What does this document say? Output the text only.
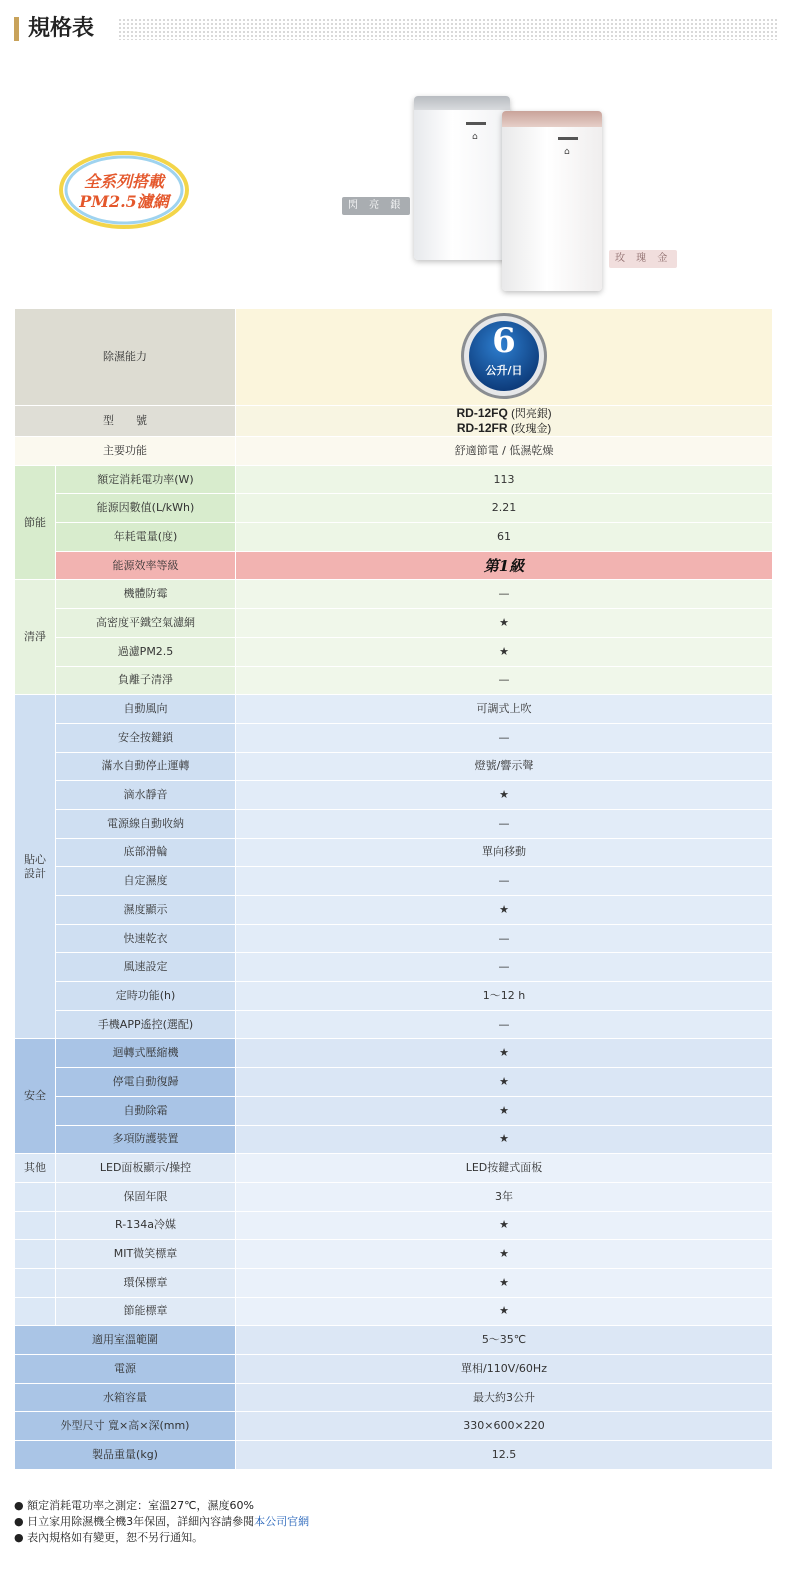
規格表
全系列搭載
PM2.5濾網
⌂
⌂
閃 亮 銀
玫 瑰 金
除濕能力		6
公升/日

型　　號		RD-12FQ (閃亮銀)
RD-12FR (玫瑰金)

主要功能		舒適節電 / 低濕乾燥
節能	額定消耗電功率(W)	113
	能源因數值(L/kWh)	2.21
	年耗電量(度)	61
	能源效率等級	第1級
清淨	機體防霉	—
	高密度平鐵空氣濾網	★
	過濾PM2.5	★
	負離子清淨	—

貼心
設計	自動風向	可調式上吹
	安全按鍵鎖	—
	滿水自動停止運轉	燈號/響示聲
	滴水靜音	★
	電源線自動收納	—
	底部滑輪	單向移動
	自定濕度	—
	濕度顯示	★
	快速乾衣	—
	風速設定	—
	定時功能(h)	1～12 h
	手機APP遙控(選配)	—
安全	迴轉式壓縮機	★
	停電自動復歸	★
	自動除霜	★
	多項防護裝置	★
其他	LED面板顯示/操控	LED按鍵式面板
	保固年限	3年
	R-134a冷媒	★
	MIT微笑標章	★
	環保標章	★
	節能標章	★
適用室溫範圍		5～35℃
電源		單相/110V/60Hz
水箱容量		最大約3公升
外型尺寸 寬×高×深(mm)		330×600×220
製品重量(kg)		12.5
● 額定消耗電功率之測定：室溫27℃，濕度60%
● 日立家用除濕機全機3年保固，詳細內容請參閱本公司官網
● 表內規格如有變更，恕不另行通知。
